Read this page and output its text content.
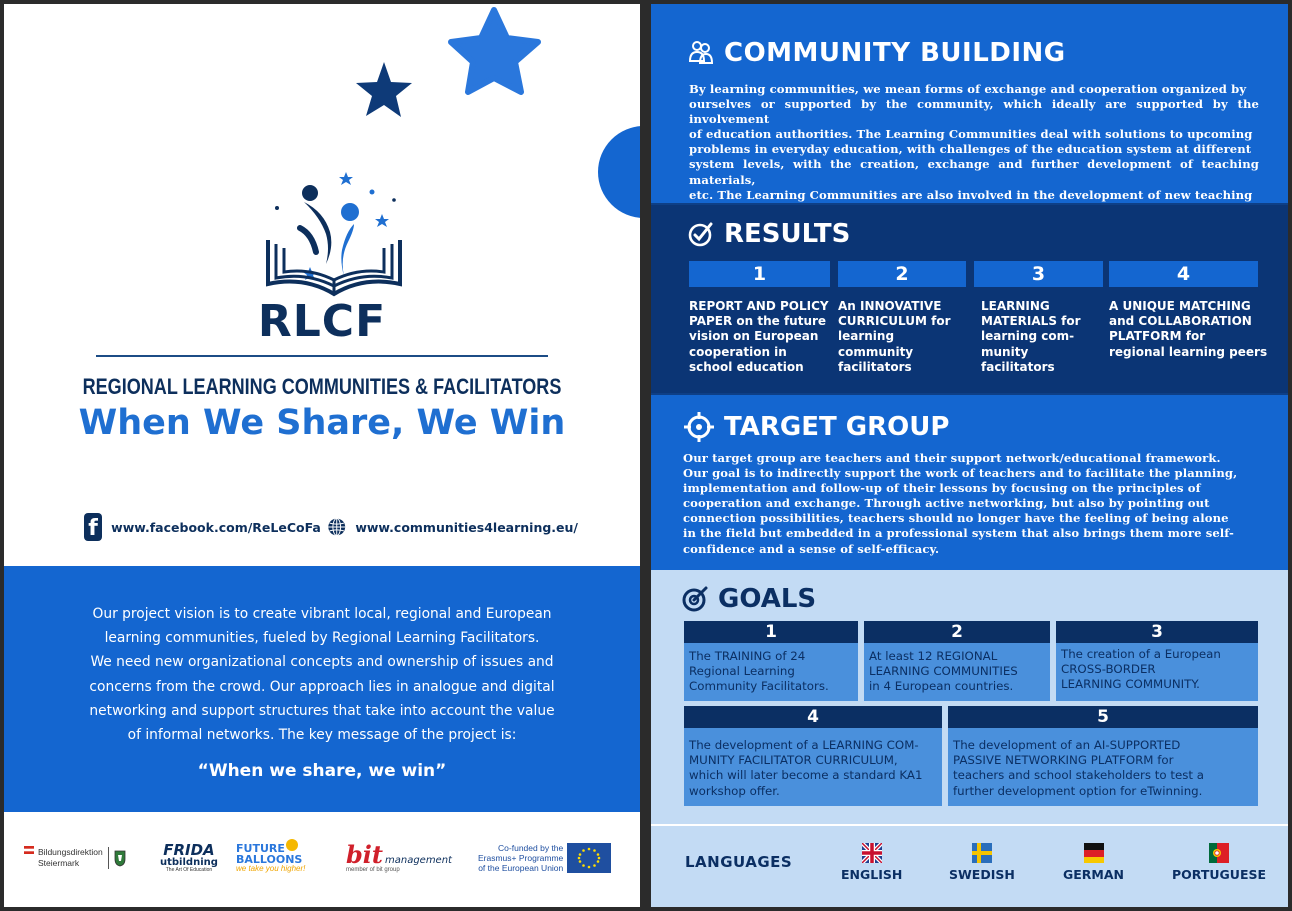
RLCF
REGIONAL LEARNING COMMUNITIES & FACILITATORS
When We Share, We Win
f	www.facebook.com/ReLeCoFa	www.communities4learning.eu/
Our project vision is to create vibrant local, regional and European
learning communities, fueled by Regional Learning Facilitators.
We need new organizational concepts and ownership of issues and
concerns from the crowd. Our approach lies in analogue and digital
networking and support structures that take into account the value
of informal networks. The key message of the project is:
“When we share, we win”
Bildungsdirektion
Steiermark
FRIDA
utbildning
The Art Of Education
FUTURE
BALLOONS
we take you higher! bit management
member of bit group
Co-funded by the
Erasmus+ Programme
of the European Union
COMMUNITY BUILDING
By learning communities, we mean forms of exchange and cooperation organized by
ourselves or supported by the community, which ideally are supported by the involvement
of education authorities. The Learning Communities deal with solutions to upcoming
problems in everyday education, with challenges of the education system at different
system levels, with the creation, exchange and further development of teaching materials,
etc. The Learning Communities are also involved in the development of new teaching
RESULTS
1	2	3	4
REPORT AND POLICY
PAPER on the future
vision on European
cooperation in
school education
An INNOVATIVE
CURRICULUM for
learning community
facilitators
LEARNING
MATERIALS for
learning com-
munity facilitators
A UNIQUE MATCHING
and COLLABORATION
PLATFORM for
regional learning peers
TARGET GROUP
Our target group are teachers and their support network/educational framework.
Our goal is to indirectly support the work of teachers and to facilitate the planning,
implementation and follow-up of their lessons by focusing on the principles of
cooperation and exchange. Through active networking, but also by pointing out
connection possibilities, teachers should no longer have the feeling of being alone
in the field but embedded in a professional system that also brings them more self-
confidence and a sense of self-efficacy.
GOALS
1
The TRAINING of 24
Regional Learning
Community Facilitators.
2
At least 12 REGIONAL
LEARNING COMMUNITIES
in 4 European countries.
3
The creation of a European
CROSS-BORDER
LEARNING COMMUNITY.
4
The development of a LEARNING COM-
MUNITY FACILITATOR CURRICULUM,
which will later become a standard KA1
workshop offer.
5
The development of an AI-SUPPORTED
PASSIVE NETWORKING PLATFORM for
teachers and school stakeholders to test a
further development option for eTwinning.
LANGUAGES
ENGLISH	SWEDISH	GERMAN	PORTUGUESE
